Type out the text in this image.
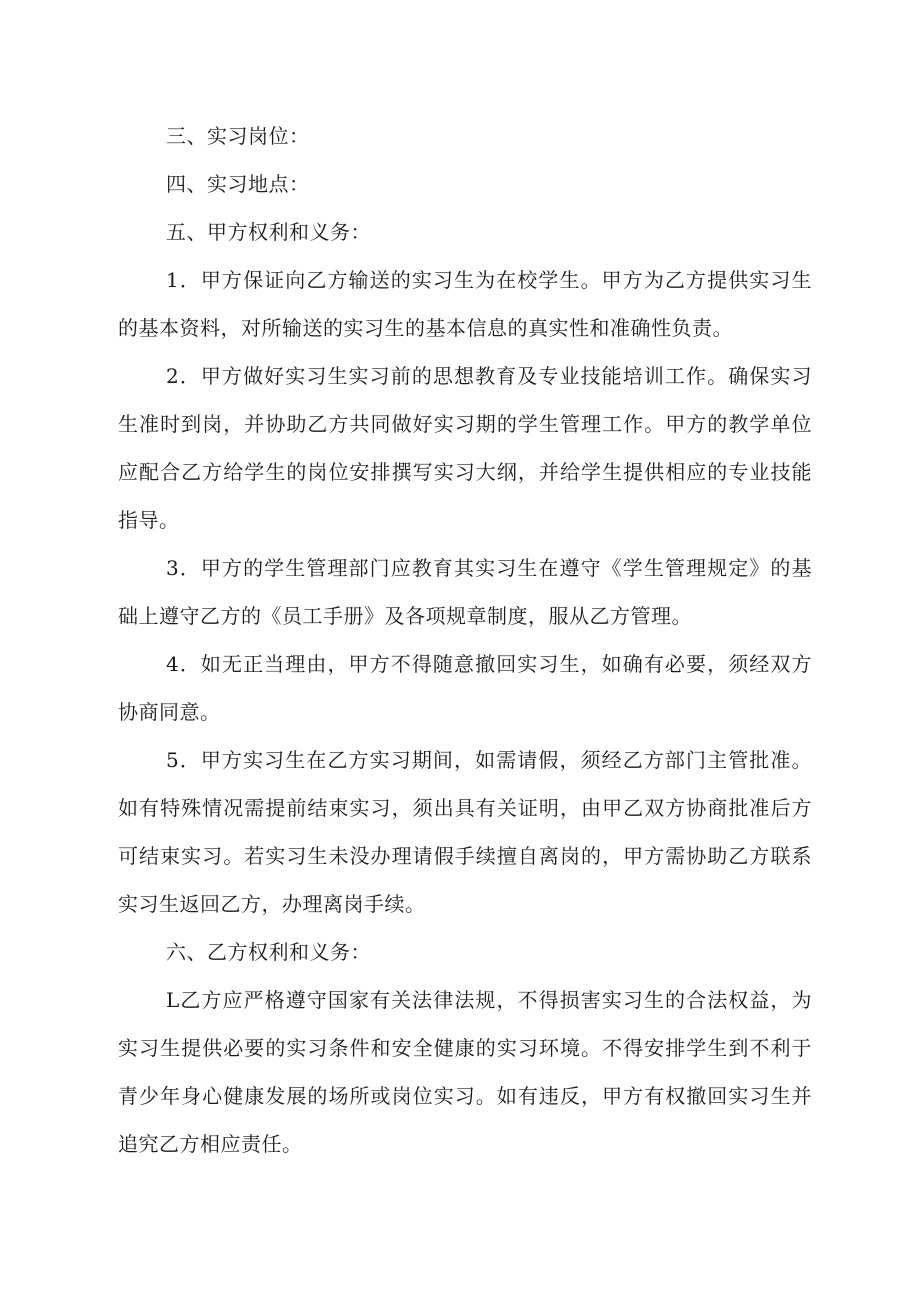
三、实习岗位：

四、实习地点：

五、甲方权利和义务：

1．甲方保证向乙方输送的实习生为在校学生。甲方为乙方提供实习生的基本资料，对所输送的实习生的基本信息的真实性和准确性负责。

2．甲方做好实习生实习前的思想教育及专业技能培训工作。确保实习生准时到岗，并协助乙方共同做好实习期的学生管理工作。甲方的教学单位应配合乙方给学生的岗位安排撰写实习大纲，并给学生提供相应的专业技能指导。

3．甲方的学生管理部门应教育其实习生在遵守《学生管理规定》的基础上遵守乙方的《员工手册》及各项规章制度，服从乙方管理。

4．如无正当理由，甲方不得随意撤回实习生，如确有必要，须经双方协商同意。

5．甲方实习生在乙方实习期间，如需请假，须经乙方部门主管批准。如有特殊情况需提前结束实习，须出具有关证明，由甲乙双方协商批准后方可结束实习。若实习生未没办理请假手续擅自离岗的，甲方需协助乙方联系实习生返回乙方，办理离岗手续。

六、乙方权利和义务：

L乙方应严格遵守国家有关法律法规，不得损害实习生的合法权益，为实习生提供必要的实习条件和安全健康的实习环境。不得安排学生到不利于青少年身心健康发展的场所或岗位实习。如有违反，甲方有权撤回实习生并追究乙方相应责任。
